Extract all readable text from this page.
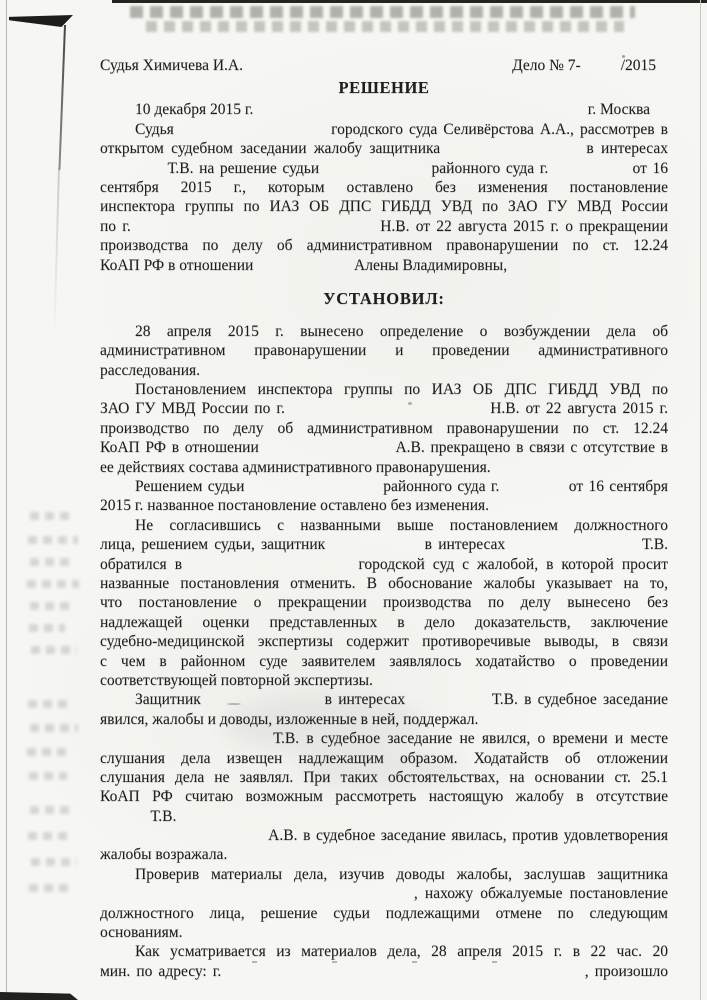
Судья Химичева И.А.	Дело № 7-	/2015
РЕШЕНИЕ
10 декабря 2015 г.	г. Москва
Судья                          городского суда Селивёрстова А.А., рассмотрев в
открытом судебном заседании жалобу защитника                    в интересах
Т.В. на решение судьи                    районного суда г.               от 16
сентября 2015 г., которым оставлено без изменения постановление
инспектора группы по ИАЗ ОБ ДПС ГИБДД УВД по ЗАО ГУ МВД России
по г.                                        Н.В. от 22 августа 2015 г. о прекращении
производства по делу об административном правонарушении по ст. 12.24
КоАП РФ в отношении                          Алены Владимировны,
УСТАНОВИЛ:
28 апреля 2015 г. вынесено определение о возбуждении дела об
административном правонарушении и проведении административного
расследования.
Постановлением инспектора группы по ИАЗ ОБ ДПС ГИБДД УВД по
ЗАО ГУ МВД России по г.                                  Н.В. от 22 августа 2015 г.
производство по делу об административном правонарушении по ст. 12.24
КоАП РФ в отношении                        А.В. прекращено в связи с отсутствие в
ее действиях состава административного правонарушения.
Решением судьи                          районного суда г.             от 16 сентября
2015 г. названное постановление оставлено без изменения.
Не согласившись с названными выше постановлением должностного
лица, решением судьи, защитник                в интересах                      Т.В.
обратился в                      городской суд с жалобой, в которой просит
названные постановления отменить. В обоснование жалобы указывает на то,
что постановление о прекращении производства по делу вынесено без
надлежащей оценки представленных в дело доказательств, заключение
судебно-медицинской экспертизы содержит противоречивые выводы, в связи
с чем в районном суде заявителем заявлялось ходатайство о проведении
соответствующей повторной экспертизы.
Защитник                    в интересах              Т.В. в судебное заседание
явился, жалобы и доводы, изложенные в ней, поддержал.
Т.В. в судебное заседание не явился, о времени и месте
слушания дела извещен надлежащим образом. Ходатайств об отложении
слушания дела не заявлял. При таких обстоятельствах, на основании ст. 25.1
КоАП РФ считаю возможным рассмотреть настоящую жалобу в отсутствие
Т.В.
А.В. в судебное заседание явилась, против удовлетворения
жалобы возражала.
Проверив материалы дела, изучив доводы жалобы, заслушав защитника
, нахожу обжалуемые постановление
должностного лица, решение судьи подлежащими отмене по следующим
основаниям.
Как усматривается из материалов дела, 28 апреля 2015 г. в 22 час. 20
мин. по адресу: г.                                                            , произошло
